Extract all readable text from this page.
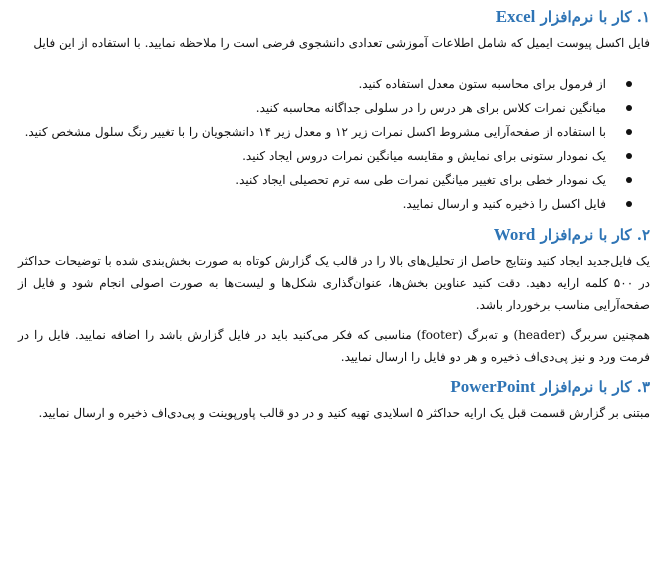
۱. کار با نرم‌افزار Excel

فایل اکسل پیوست ایمیل که شامل اطلاعات آموزشی تعدادی دانشجوی فرضی است را ملاحظه نمایید. با استفاده از این فایل

از فرمول برای محاسبه ستون معدل استفاده کنید.
میانگین نمرات کلاس برای هر درس را در سلولی جداگانه محاسبه کنید.
با استفاده از صفحه‌آرایی مشروط اکسل نمرات زیر ۱۲ و معدل زیر ۱۴ دانشجویان را با تغییر رنگ سلول مشخص کنید.
یک نمودار ستونی برای نمایش و مقایسه میانگین نمرات دروس ایجاد کنید.
یک نمودار خطی برای تغییر میانگین نمرات طی سه ترم تحصیلی ایجاد کنید.
فایل اکسل را ذخیره کنید و ارسال نمایید.
۲. کار با نرم‌افزار Word

یک فایل‌جدید ایجاد کنید ونتایج حاصل از تحلیل‌های بالا را در قالب یک گزارش کوتاه به صورت بخش‌بندی شده با توضیحات حداکثر در ۵۰۰ کلمه ارایه دهید. دقت کنید عناوین بخش‌ها، عنوان‌گذاری شکل‌ها و لیست‌ها به صورت اصولی انجام شود و فایل از صفحه‌آرایی مناسب برخوردار باشد.

همچنین سربرگ (header) و ته‌برگ (footer) مناسبی که فکر می‌کنید باید در فایل گزارش باشد را اضافه نمایید. فایل را در فرمت ورد و نیز پی‌دی‌اف ذخیره و هر دو فایل را ارسال نمایید.

۳. کار با نرم‌افزار PowerPoint

مبتنی بر گزارش قسمت قبل یک ارایه حداکثر ۵ اسلایدی تهیه کنید و در دو قالب پاورپوینت و پی‌دی‌اف ذخیره و ارسال نمایید.
